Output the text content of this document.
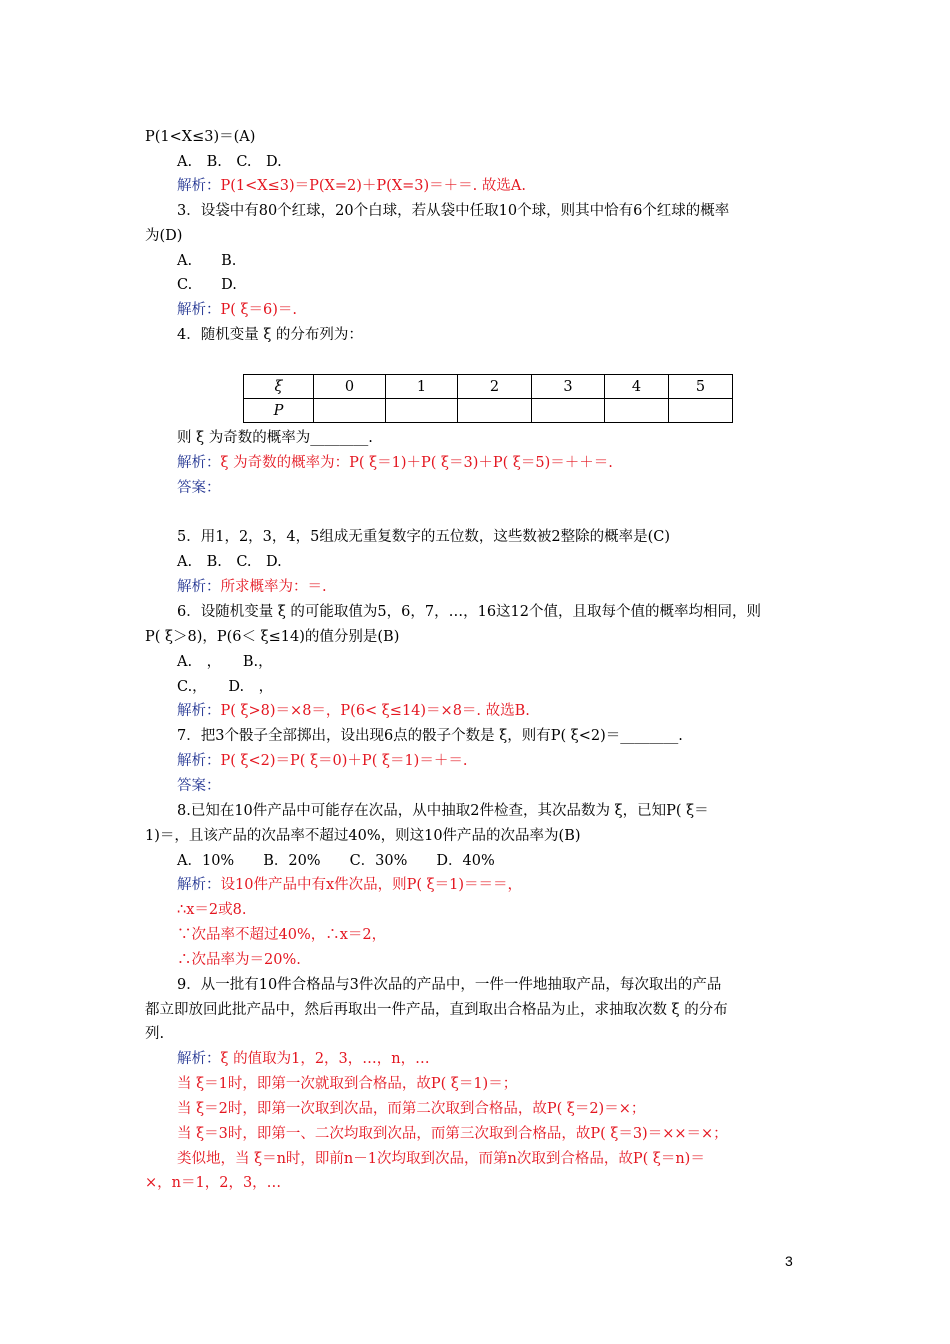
P(1<X≤3)＝(A)
A.　B.　C.　D.
解析：P(1<X≤3)＝P(X=2)＋P(X=3)＝＋＝. 故选A.
3．设袋中有80个红球，20个白球，若从袋中任取10个球，则其中恰有6个红球的概率
为(D)
A.　　B.
C.　　D.
解析：P( ξ＝6)＝.
4．随机变量 ξ 的分布列为：
ξ	0	1	2	3	4	5
P						
则 ξ 为奇数的概率为________.
解析：ξ 为奇数的概率为：P( ξ＝1)＋P( ξ＝3)＋P( ξ＝5)＝＋＋＝.
答案：
5．用1，2，3，4，5组成无重复数字的五位数，这些数被2整除的概率是(C)
A.　B.　C.　D.
解析：所求概率为：＝.
6．设随机变量 ξ 的可能取值为5，6，7，…，16这12个值，且取每个值的概率均相同，则
P( ξ＞8)，P(6＜ ξ≤14)的值分别是(B)
A.　，　　B.，
C.，　　D.　，
解析：P( ξ>8)＝×8＝，P(6< ξ≤14)＝×8＝. 故选B.
7．把3个骰子全部掷出，设出现6点的骰子个数是 ξ，则有P( ξ<2)＝________.
解析：P( ξ<2)＝P( ξ＝0)＋P( ξ＝1)＝＋＝.
答案：
8.已知在10件产品中可能存在次品，从中抽取2件检查，其次品数为 ξ，已知P( ξ＝
1)＝，且该产品的次品率不超过40%，则这10件产品的次品率为(B)
A．10%　　B．20%　　C．30%　　D．40%
解析：设10件产品中有x件次品，则P( ξ＝1)＝＝＝，
∴x＝2或8.
∵次品率不超过40%，∴x＝2，
∴次品率为＝20%.
9．从一批有10件合格品与3件次品的产品中，一件一件地抽取产品，每次取出的产品
都立即放回此批产品中，然后再取出一件产品，直到取出合格品为止，求抽取次数 ξ 的分布
列.
解析：ξ 的值取为1，2，3，…，n，…
当 ξ＝1时，即第一次就取到合格品，故P( ξ＝1)＝；
当 ξ＝2时，即第一次取到次品，而第二次取到合格品，故P( ξ＝2)＝×；
当 ξ＝3时，即第一、二次均取到次品，而第三次取到合格品，故P( ξ＝3)＝××＝×；
类似地，当 ξ＝n时，即前n－1次均取到次品，而第n次取到合格品，故P( ξ＝n)＝
×，n＝1，2，3，…
3
